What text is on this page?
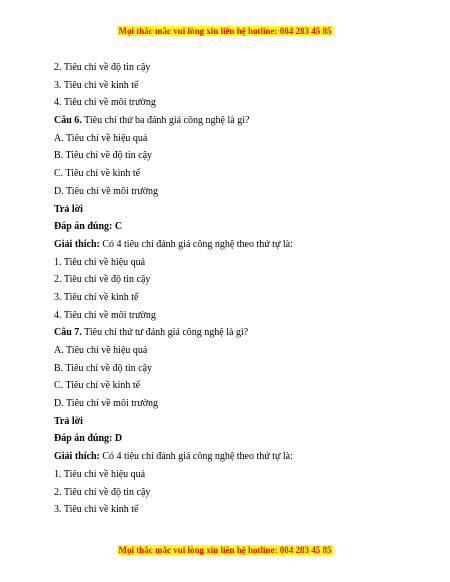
Mọi thắc mắc vui lòng xin liên hệ hotline: 084 283 45 85
2. Tiêu chí về độ tin cậy
3. Tiêu chí về kinh tế
4. Tiêu chí về môi trường
Câu 6. Tiêu chí thứ ba đánh giá công nghệ là gì?
A. Tiêu chí về hiệu quả
B. Tiêu chí về độ tin cậy
C. Tiêu chí về kinh tế
D. Tiêu chí về môi trường
Trả lời
Đáp án đúng: C
Giải thích: Có 4 tiêu chí đánh giá công nghệ theo thứ tự là:
1. Tiêu chí về hiệu quả
2. Tiêu chí về độ tin cậy
3. Tiêu chí về kinh tế
4. Tiêu chí về môi trường
Câu 7. Tiêu chí thứ tư đánh giá công nghệ là gì?
A. Tiêu chí về hiệu quả
B. Tiêu chí về độ tin cậy
C. Tiêu chí về kinh tế
D. Tiêu chí về môi trường
Trả lời
Đáp án đúng: D
Giải thích: Có 4 tiêu chí đánh giá công nghệ theo thứ tự là:
1. Tiêu chí về hiệu quả
2. Tiêu chí về độ tin cậy
3. Tiêu chí về kinh tế
Mọi thắc mắc vui lòng xin liên hệ hotline: 084 283 45 85
